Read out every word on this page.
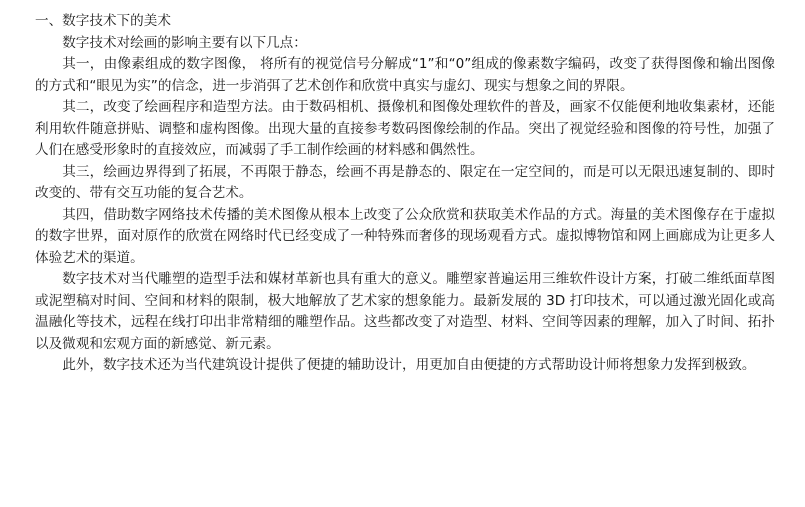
一、数字技术下的美术

数字技术对绘画的影响主要有以下几点：

其一，由像素组成的数字图像， 将所有的视觉信号分解成“1”和“0”组成的像素数字编码，改变了获得图像和输出图像的方式和“眼见为实”的信念，进一步消弭了艺术创作和欣赏中真实与虚幻、现实与想象之间的界限。

其二，改变了绘画程序和造型方法。由于数码相机、摄像机和图像处理软件的普及，画家不仅能便利地收集素材，还能利用软件随意拼贴、调整和虚构图像。出现大量的直接参考数码图像绘制的作品。突出了视觉经验和图像的符号性，加强了人们在感受形象时的直接效应，而减弱了手工制作绘画的材料感和偶然性。

其三，绘画边界得到了拓展，不再限于静态，绘画不再是静态的、限定在一定空间的，而是可以无限迅速复制的、即时改变的、带有交互功能的复合艺术。

其四，借助数字网络技术传播的美术图像从根本上改变了公众欣赏和获取美术作品的方式。海量的美术图像存在于虚拟的数字世界，面对原作的欣赏在网络时代已经变成了一种特殊而奢侈的现场观看方式。虚拟博物馆和网上画廊成为让更多人体验艺术的渠道。

数字技术对当代雕塑的造型手法和媒材革新也具有重大的意义。雕塑家普遍运用三维软件设计方案，打破二维纸面草图或泥塑稿对时间、空间和材料的限制，极大地解放了艺术家的想象能力。最新发展的 3D 打印技术，可以通过激光固化或高温融化等技术，远程在线打印出非常精细的雕塑作品。这些都改变了对造型、材料、空间等因素的理解，加入了时间、拓扑以及微观和宏观方面的新感觉、新元素。

此外，数字技术还为当代建筑设计提供了便捷的辅助设计，用更加自由便捷的方式帮助设计师将想象力发挥到极致。
